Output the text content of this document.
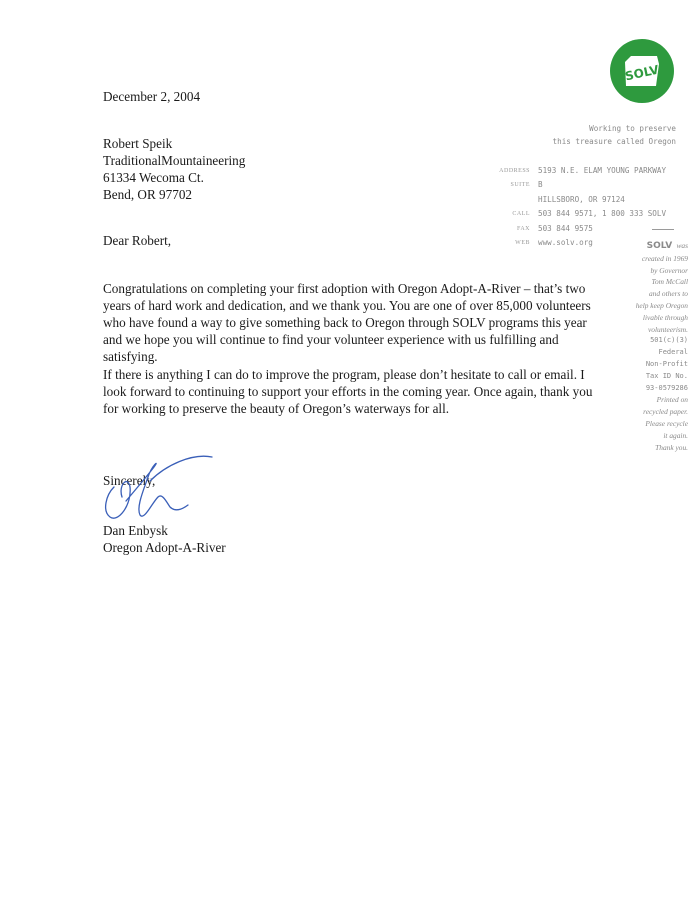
SOLV
Working to preserve
this treasure called Oregon
ADDRESS 5193 N.E. ELAM YOUNG PARKWAY
SUITE B
HILLSBORO, OR 97124
CALL 503 844 9571, 1 800 333 SOLV
FAX 503 844 9575
WEB www.solv.org	SOLV was
created in 1969
by Governor
Tom McCall
and others to
help keep Oregon
livable through
volunteerism.
501(c)(3)
Federal
Non-Profit
Tax ID No.
93-0579286
Printed on
recycled paper.
Please recycle
it again.
Thank you.
December 2, 2004
Robert Speik
TraditionalMountaineering
61334 Wecoma Ct.
Bend, OR 97702
Dear Robert,

Congratulations on completing your first adoption with Oregon Adopt-A-River – that’s two years of hard work and dedication, and we thank you. You are one of over 85,000 volunteers who have found a way to give something back to Oregon through SOLV programs this year and we hope you will continue to find your volunteer experience with us fulfilling and satisfying.

If there is anything I can do to improve the program, please don’t hesitate to call or email. I look forward to continuing to support your efforts in the coming year. Once again, thank you for working to preserve the beauty of Oregon’s waterways for all.

Sincerely,
Dan Enbysk
Oregon Adopt-A-River
